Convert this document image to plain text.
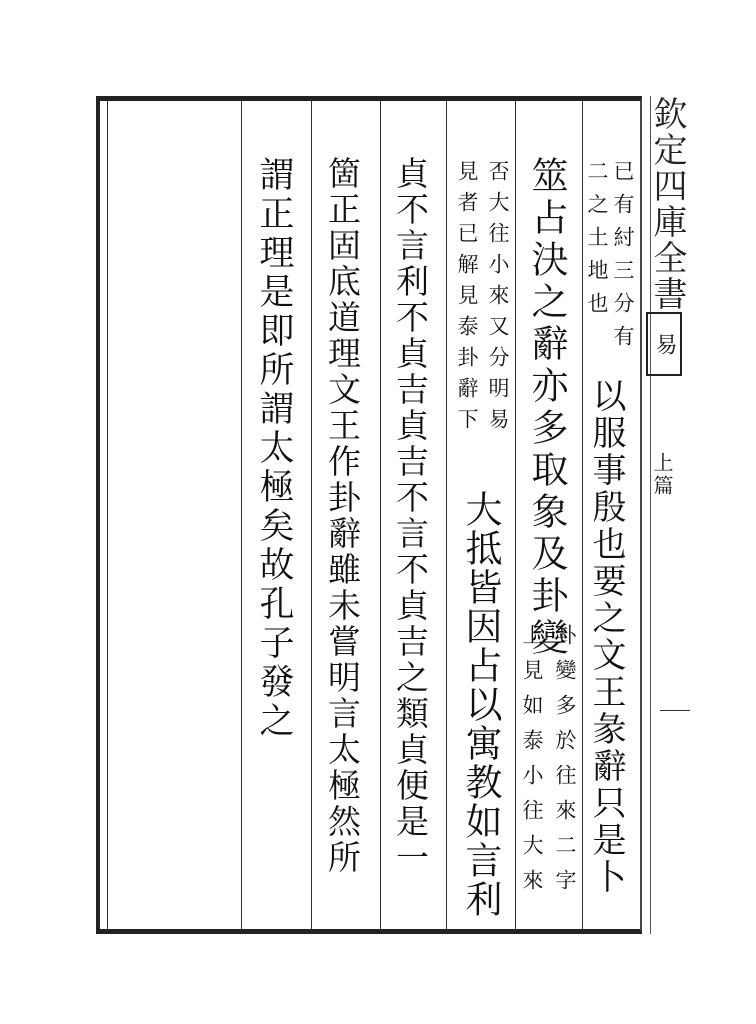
欽定四庫全書
易
上篇
已有紂三分有
二之土地也
以服事殷也要之文王彖辭只是卜
筮占決之辭亦多取象及卦變
卦變多於往來二字
上見如泰小往大來
否大往小來又分明易
見者已解見泰卦辭下
大抵皆因占以寓教如言利
貞不言利不貞吉貞吉不言不貞吉之類貞便是一
箇正固底道理文王作卦辭雖未嘗明言太極然所
謂正理是即所謂太極矣故孔子發之
